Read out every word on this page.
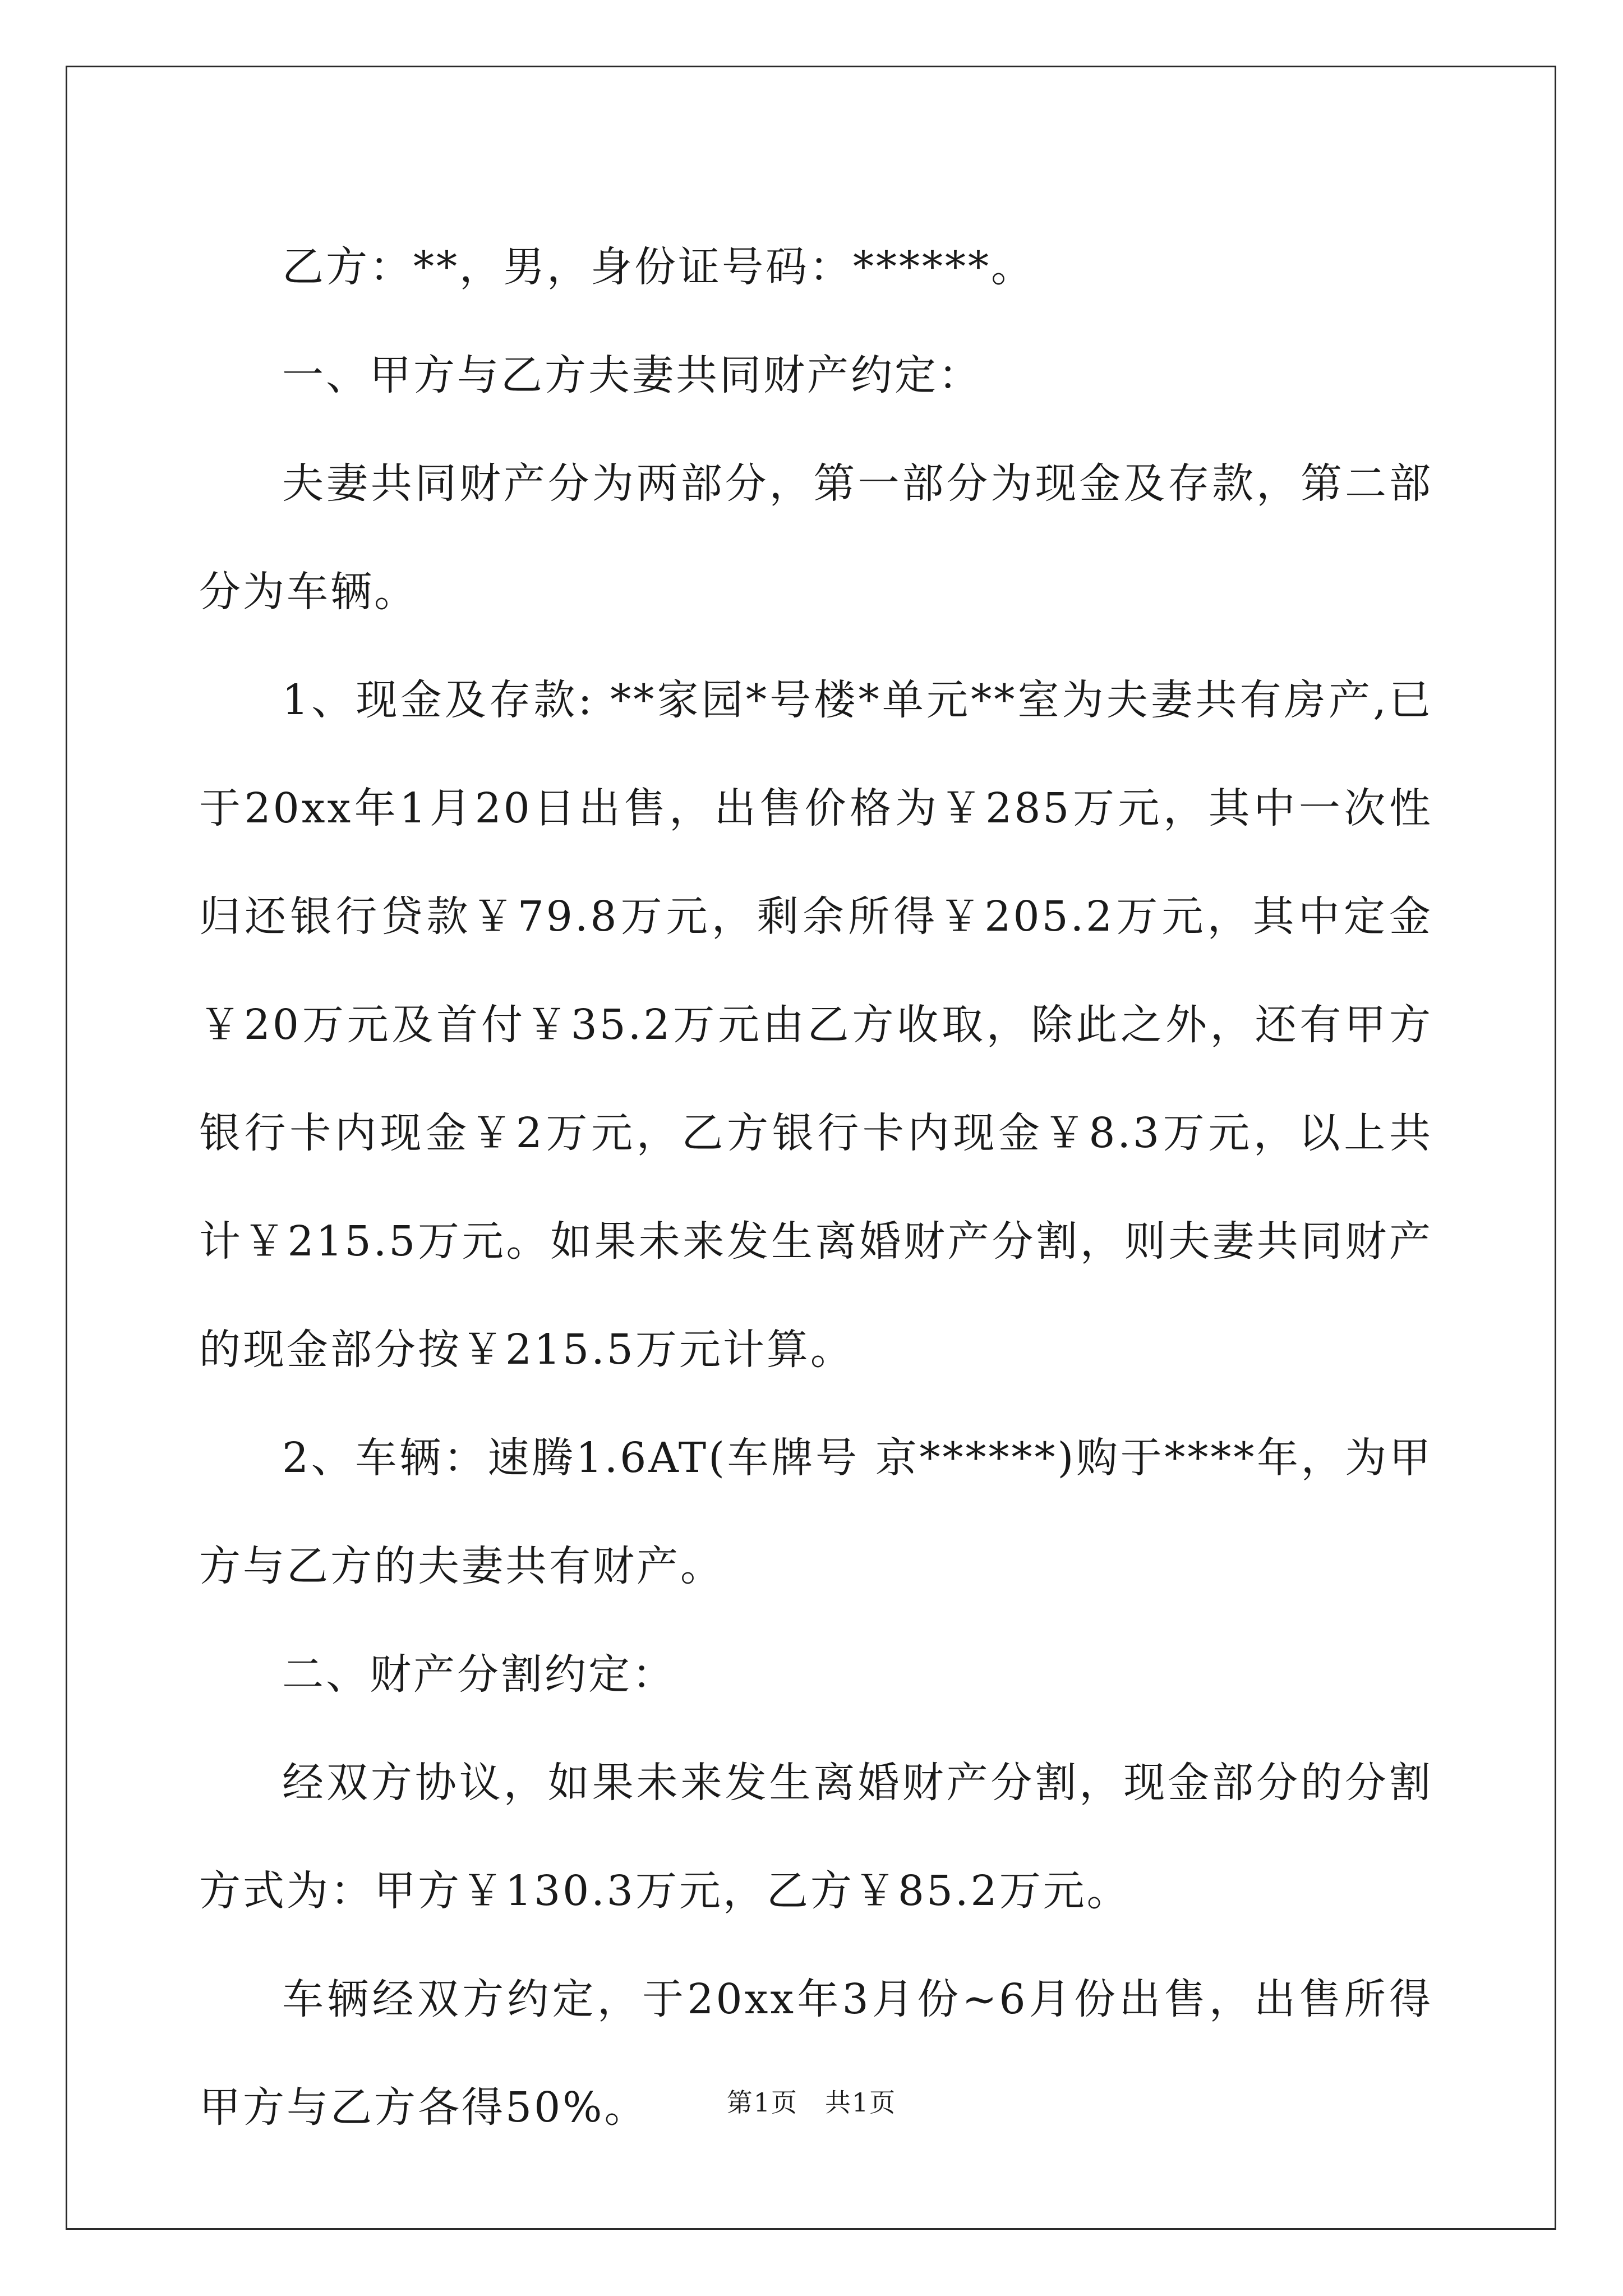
乙方：**，男，身份证号码：******。

一、甲方与乙方夫妻共同财产约定：

夫妻共同财产分为两部分，第一部分为现金及存款，第二部分为车辆。

1、现金及存款: **家园*号楼*单元**室为夫妻共有房产,已于20xx年1月20日出售，出售价格为￥285万元，其中一次性归还银行贷款￥79.8万元，剩余所得￥205.2万元，其中定金￥20万元及首付￥35.2万元由乙方收取，除此之外，还有甲方银行卡内现金￥2万元，乙方银行卡内现金￥8.3万元，以上共计￥215.5万元。如果未来发生离婚财产分割，则夫妻共同财产的现金部分按￥215.5万元计算。

2、车辆：速腾1.6AT(车牌号 京******)购于****年，为甲方与乙方的夫妻共有财产。

二、财产分割约定：

经双方协议，如果未来发生离婚财产分割，现金部分的分割方式为：甲方￥130.3万元，乙方￥85.2万元。

车辆经双方约定，于20xx年3月份~6月份出售，出售所得甲方与乙方各得50%。	第1页　共1页
